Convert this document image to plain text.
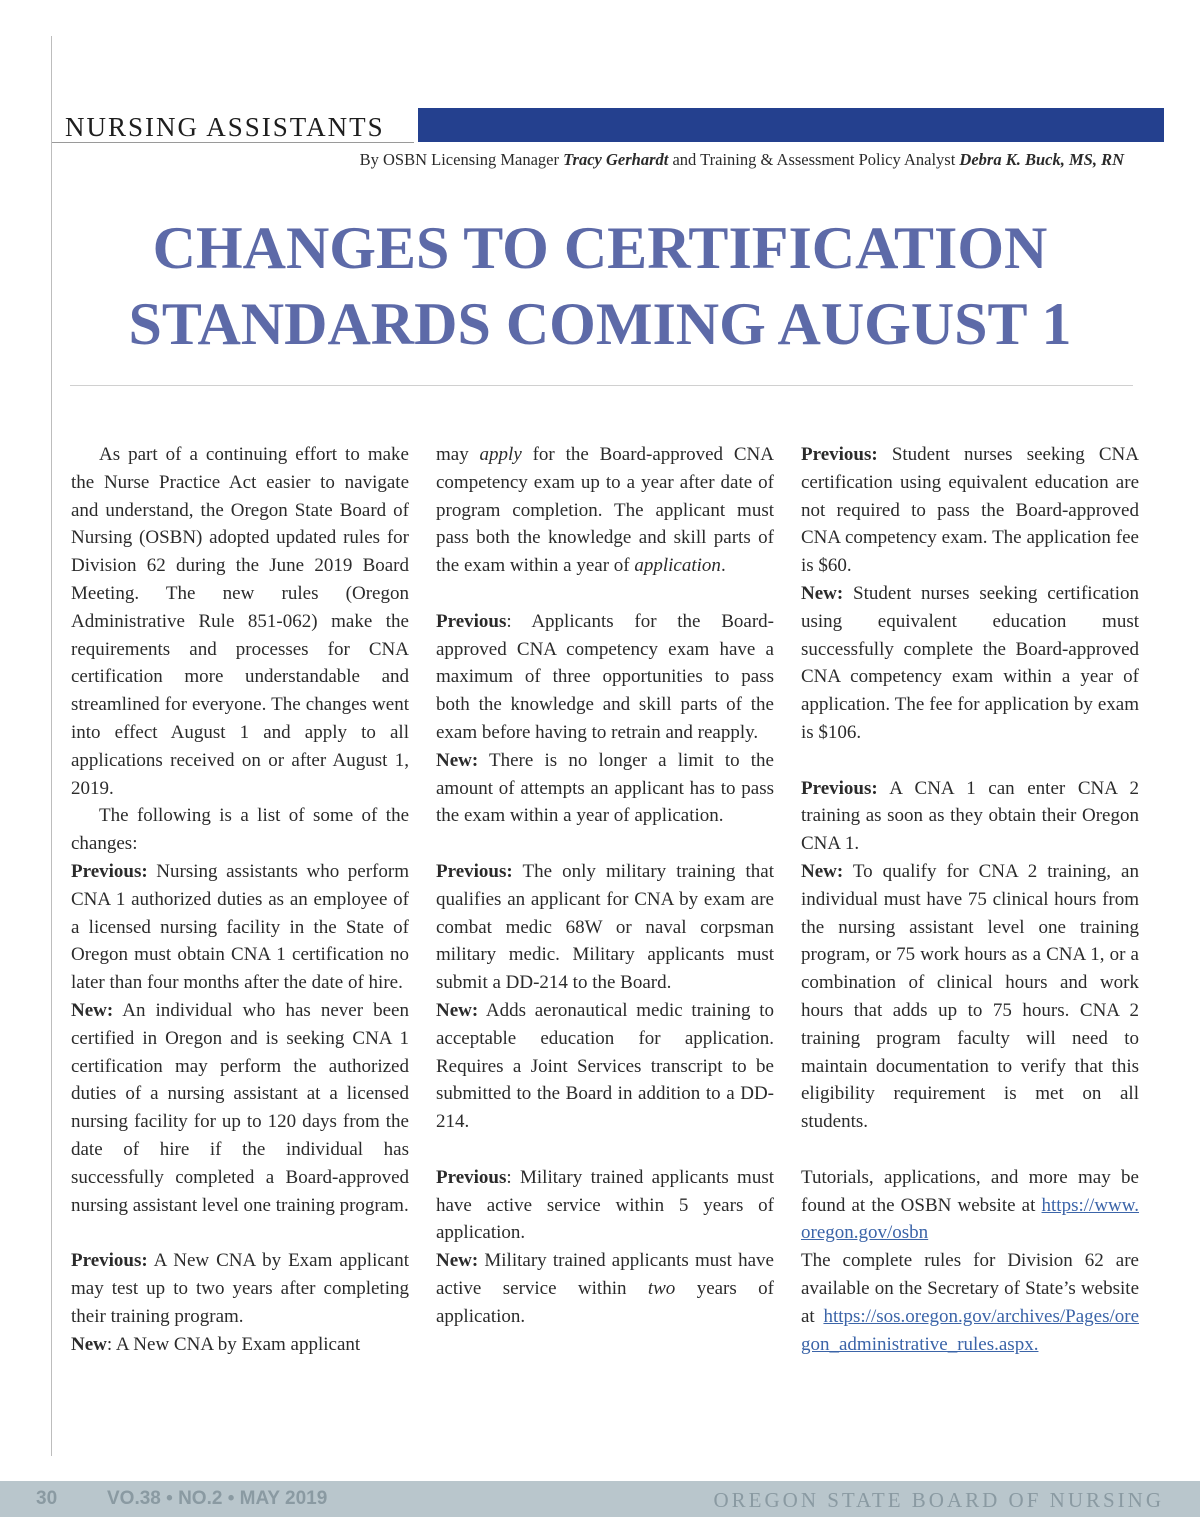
NURSING ASSISTANTS
By OSBN Licensing Manager Tracy Gerhardt and Training & Assessment Policy Analyst Debra K. Buck, MS, RN
CHANGES TO CERTIFICATION
STANDARDS COMING AUGUST 1

As part of a continuing effort to make the Nurse Practice Act easier to navigate and understand, the Oregon State Board of Nursing (OSBN) adopted updated rules for Division 62 during the June 2019 Board Meeting. The new rules (Oregon Administrative Rule 851-062) make the requirements and processes for CNA certification more understandable and streamlined for everyone. The changes went into effect August 1 and apply to all applications received on or after August 1, 2019.

The following is a list of some of the changes:

Previous: Nursing assistants who perform CNA 1 authorized duties as an employee of a licensed nursing facility in the State of Oregon must obtain CNA 1 certification no later than four months after the date of hire.

New: An individual who has never been certified in Oregon and is seeking CNA 1 certification may perform the authorized duties of a nursing assistant at a licensed nursing facility for up to 120 days from the date of hire if the individual has successfully completed a Board-approved nursing assistant level one training program.

Previous: A New CNA by Exam applicant may test up to two years after completing their training program.

New: A New CNA by Exam applicant

may apply for the Board-approved CNA competency exam up to a year after date of program completion. The applicant must pass both the knowledge and skill parts of the exam within a year of application.

Previous: Applicants for the Board-approved CNA competency exam have a maximum of three opportunities to pass both the knowledge and skill parts of the exam before having to retrain and reapply.

New: There is no longer a limit to the amount of attempts an applicant has to pass the exam within a year of application.

Previous: The only military training that qualifies an applicant for CNA by exam are combat medic 68W or naval corpsman military medic. Military applicants must submit a DD-214 to the Board.

New: Adds aeronautical medic training to acceptable education for application. Requires a Joint Services transcript to be submitted to the Board in addition to a DD-214.

Previous: Military trained applicants must have active service within 5 years of application.

New: Military trained applicants must have active service within two years of application.

Previous: Student nurses seeking CNA certification using equivalent education are not required to pass the Board-approved CNA competency exam. The application fee is $60.

New: Student nurses seeking certification using equivalent education must successfully complete the Board-approved CNA competency exam within a year of application. The fee for application by exam is $106.

Previous: A CNA 1 can enter CNA 2 training as soon as they obtain their Oregon CNA 1.

New: To qualify for CNA 2 training, an individual must have 75 clinical hours from the nursing assistant level one training program, or 75 work hours as a CNA 1, or a combination of clinical hours and work hours that adds up to 75 hours. CNA 2 training program faculty will need to maintain documentation to verify that this eligibility requirement is met on all students.

Tutorials, applications, and more may be found at the OSBN website at https://www.oregon.gov/osbn

The complete rules for Division 62 are available on the Secretary of State’s website at https://sos.oregon.gov/archives/Pages/oregon_administrative_rules.aspx.

30	VO.38 • NO.2 • MAY 2019	OREGON STATE BOARD OF NURSING
